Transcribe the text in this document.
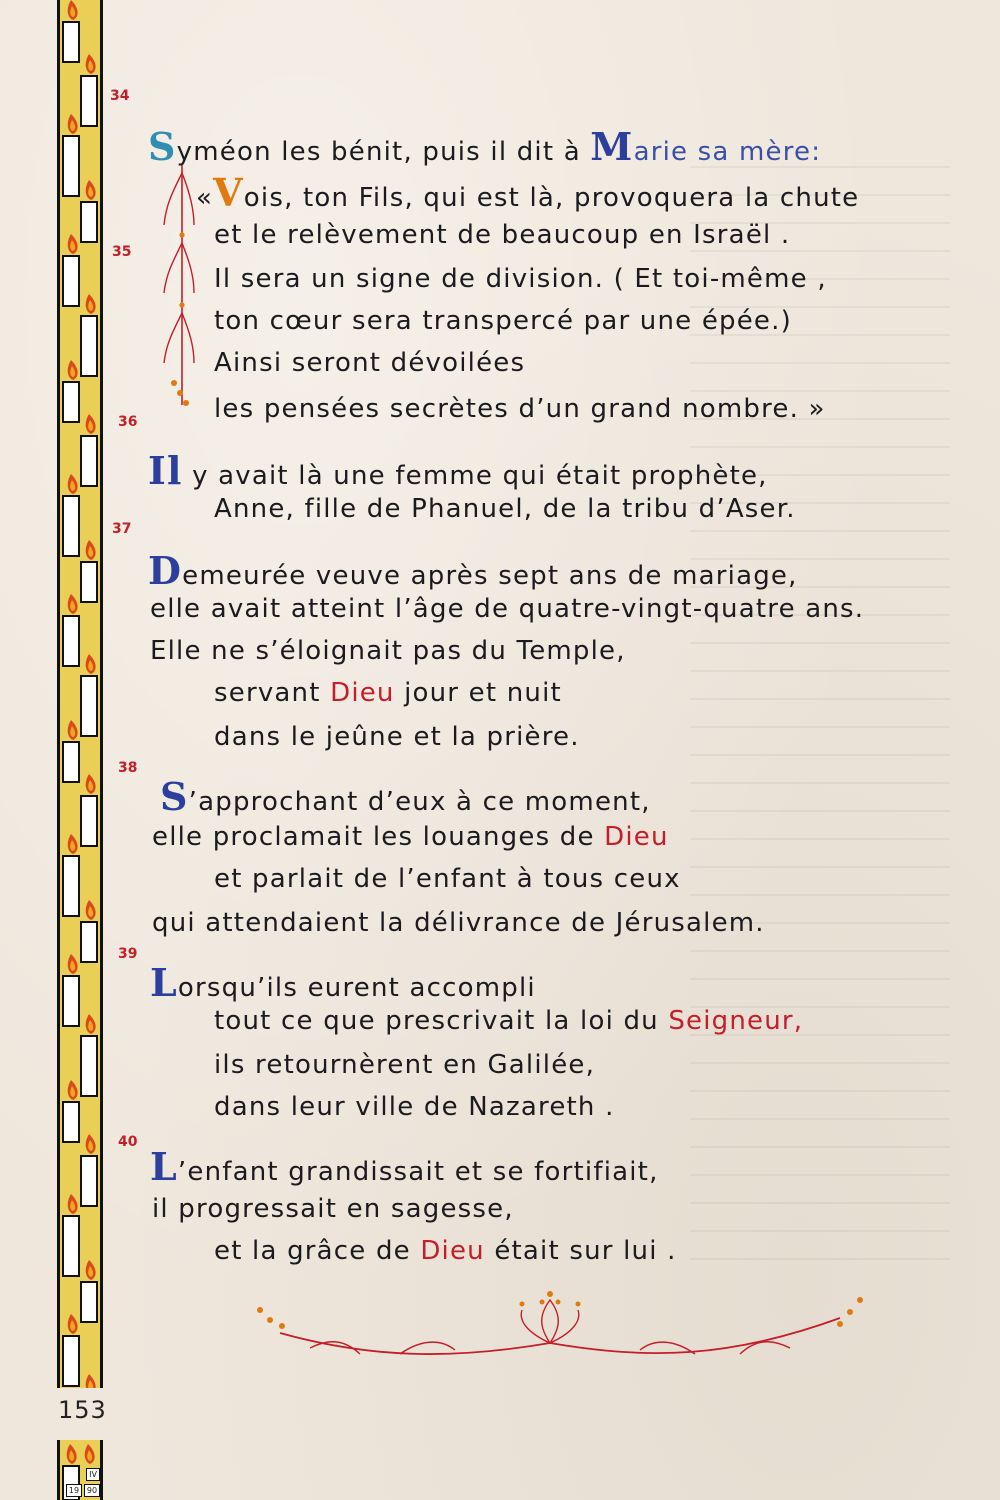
153
IV
19 90
34
35
36
37
38
39
40
Syméon les bénit, puis il dit à Marie sa mère:
«Vois, ton Fils, qui est là, provoquera la chute
et le relèvement de beaucoup en Israël .
Il sera un signe de division. ( Et toi-même ,
ton cœur sera transpercé par une épée.)
Ainsi seront dévoilées
les pensées secrètes d’un grand nombre. »
Il y avait là une femme qui était prophète,
Anne, fille de Phanuel, de la tribu d’Aser.
Demeurée veuve après sept ans de mariage,
elle avait atteint l’âge de quatre-vingt-quatre ans.
Elle ne s’éloignait pas du Temple,
servant Dieu jour et nuit
dans le jeûne et la prière.
S’approchant d’eux à ce moment,
elle proclamait les louanges de Dieu
et parlait de l’enfant à tous ceux
qui attendaient la délivrance de Jérusalem.
Lorsqu’ils eurent accompli
tout ce que prescrivait la loi du Seigneur,
ils retournèrent en Galilée,
dans leur ville de Nazareth .
L’enfant grandissait et se fortifiait,
il progressait en sagesse,
et la grâce de Dieu était sur lui .
